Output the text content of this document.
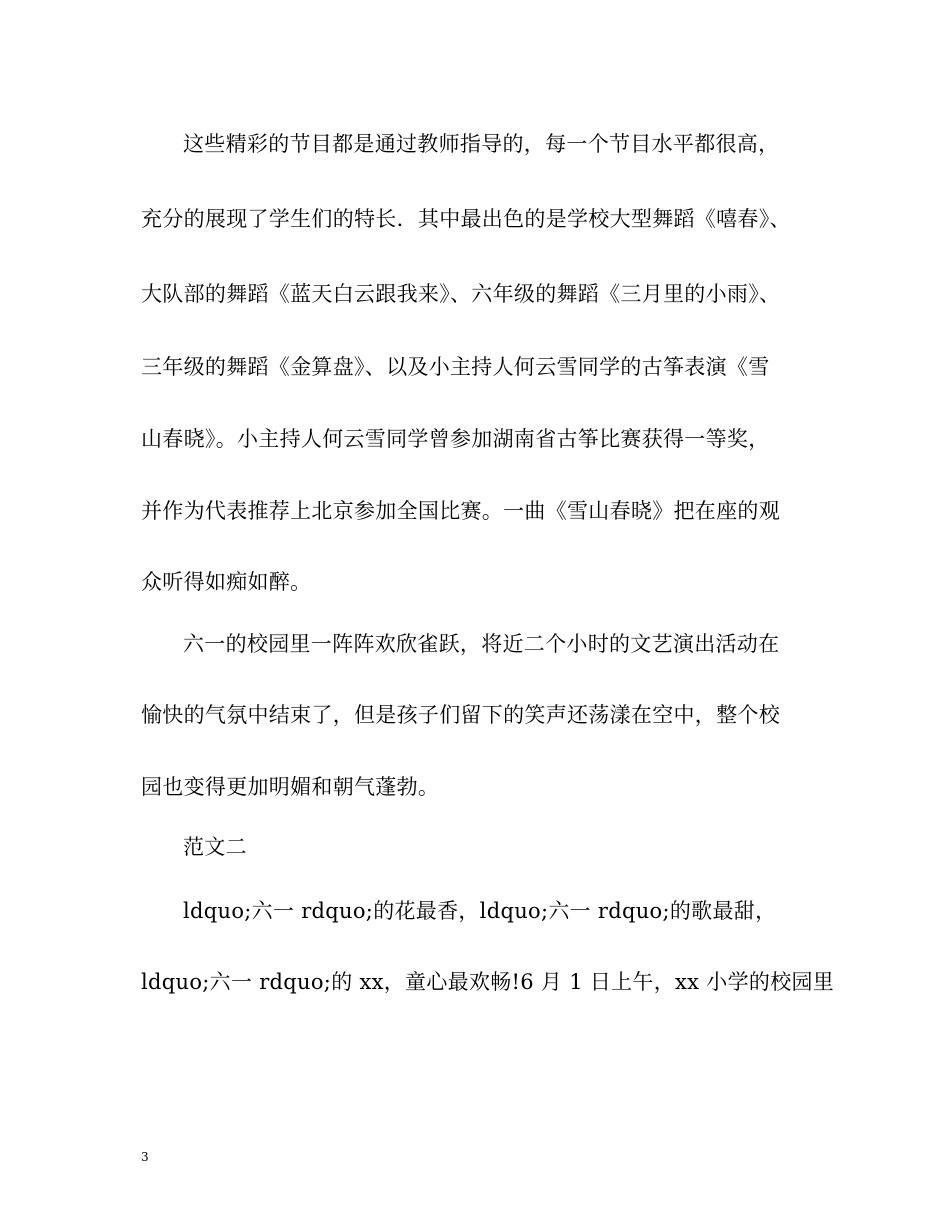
这些精彩的节目都是通过教师指导的，每一个节目水平都很高，
充分的展现了学生们的特长．其中最出色的是学校大型舞蹈《嘻春》、
大队部的舞蹈《蓝天白云跟我来》、六年级的舞蹈《三月里的小雨》、
三年级的舞蹈《金算盘》、以及小主持人何云雪同学的古筝表演《雪
山春晓》。小主持人何云雪同学曾参加湖南省古筝比赛获得一等奖，
并作为代表推荐上北京参加全国比赛。一曲《雪山春晓》把在座的观
众听得如痴如醉。
六一的校园里一阵阵欢欣雀跃，将近二个小时的文艺演出活动在
愉快的气氛中结束了，但是孩子们留下的笑声还荡漾在空中，整个校
园也变得更加明媚和朝气蓬勃。
范文二
ldquo;六一 rdquo;的花最香，ldquo;六一 rdquo;的歌最甜，
ldquo;六一 rdquo;的 xx，童心最欢畅!6 月 1 日上午，xx 小学的校园里
3
